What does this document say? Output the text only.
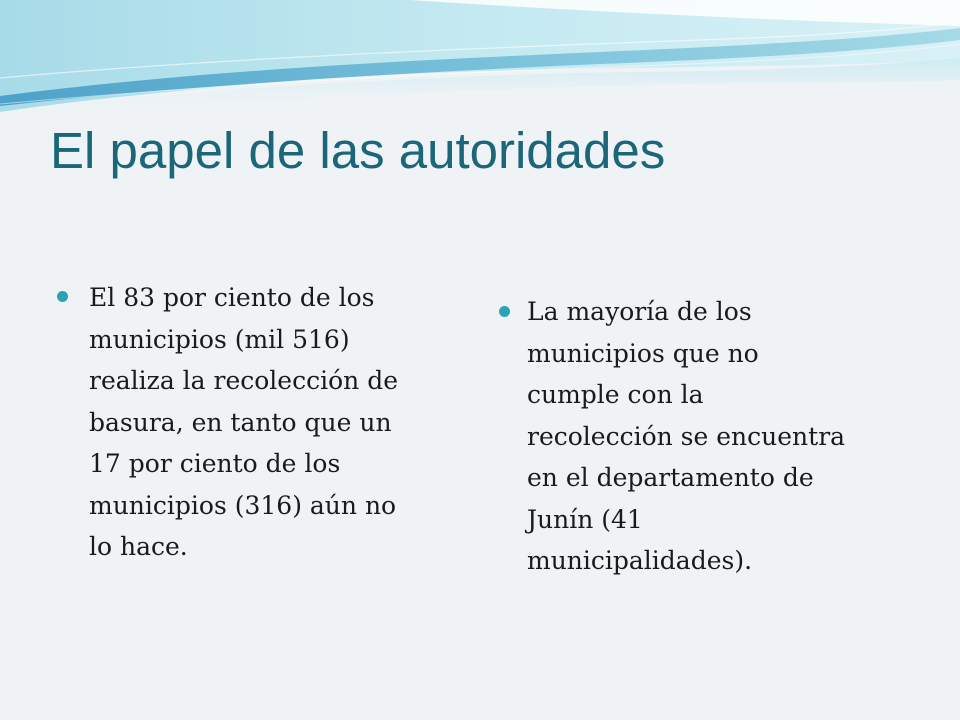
El papel de las autoridades
El 83 por ciento de los
municipios (mil 516)
realiza la recolección de
basura, en tanto que un
17 por ciento de los
municipios (316) aún no
lo hace.
La mayoría de los
municipios que no
cumple con la
recolección se encuentra
en el departamento de
Junín (41
municipalidades).
